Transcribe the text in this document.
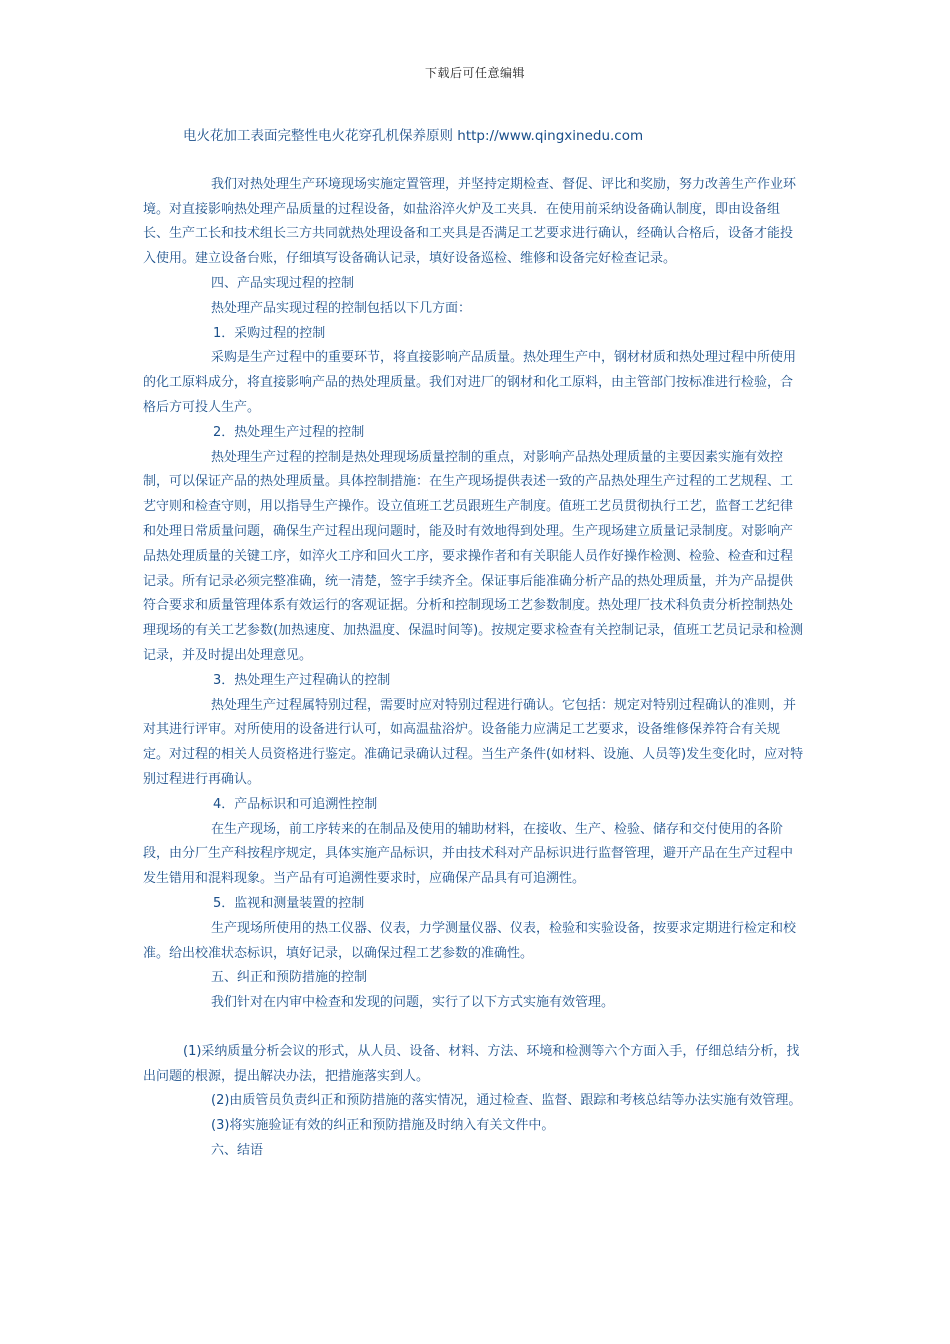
下载后可任意编辑

电火花加工表面完整性电火花穿孔机保养原则 http://www.qingxinedu.com

我们对热处理生产环境现场实施定置管理，并坚持定期检查、督促、评比和奖励，努力改善生产作业环境。对直接影响热处理产品质量的过程设备，如盐浴淬火炉及工夹具．在使用前采纳设备确认制度，即由设备组长、生产工长和技术组长三方共同就热处理设备和工夹具是否满足工艺要求进行确认，经确认合格后，设备才能投入使用。建立设备台账，仔细填写设备确认记录，填好设备巡检、维修和设备完好检查记录。

四、产品实现过程的控制

热处理产品实现过程的控制包括以下几方面：

1．采购过程的控制

采购是生产过程中的重要环节，将直接影响产品质量。热处理生产中，钢材材质和热处理过程中所使用的化工原料成分，将直接影响产品的热处理质量。我们对进厂的钢材和化工原料，由主管部门按标准进行检验，合格后方可投人生产。

2．热处理生产过程的控制

热处理生产过程的控制是热处理现场质量控制的重点，对影响产品热处理质量的主要因素实施有效控制，可以保证产品的热处理质量。具体控制措施：在生产现场提供表述一致的产品热处理生产过程的工艺规程、工艺守则和检查守则，用以指导生产操作。设立值班工艺员跟班生产制度。值班工艺员贯彻执行工艺，监督工艺纪律和处理日常质量问题，确保生产过程出现问题时，能及时有效地得到处理。生产现场建立质量记录制度。对影响产品热处理质量的关键工序，如淬火工序和回火工序，要求操作者和有关职能人员作好操作检测、检验、检查和过程记录。所有记录必须完整准确，统一清楚，签字手续齐全。保证事后能准确分析产品的热处理质量，并为产品提供符合要求和质量管理体系有效运行的客观证据。分析和控制现场工艺参数制度。热处理厂技术科负责分析控制热处理现场的有关工艺参数(加热速度、加热温度、保温时间等)。按规定要求检查有关控制记录，值班工艺员记录和检测记录，并及时提出处理意见。

3．热处理生产过程确认的控制

热处理生产过程属特别过程，需要时应对特别过程进行确认。它包括：规定对特别过程确认的准则，并对其进行评审。对所使用的设备进行认可，如高温盐浴炉。设备能力应满足工艺要求，设备维修保养符合有关规定。对过程的相关人员资格进行鉴定。准确记录确认过程。当生产条件(如材料、设施、人员等)发生变化时，应对特别过程进行再确认。

4．产品标识和可追溯性控制

在生产现场，前工序转来的在制品及使用的辅助材料，在接收、生产、检验、储存和交付使用的各阶段，由分厂生产科按程序规定，具体实施产品标识，并由技术科对产品标识进行监督管理，避开产品在生产过程中发生错用和混料现象。当产品有可追溯性要求时，应确保产品具有可追溯性。

5．监视和测量装置的控制

生产现场所使用的热工仪器、仪表，力学测量仪器、仪表，检验和实验设备，按要求定期进行检定和校准。给出校准状态标识，填好记录，以确保过程工艺参数的准确性。

五、纠正和预防措施的控制

我们针对在内审中检查和发现的问题，实行了以下方式实施有效管理。

(1)采纳质量分析会议的形式，从人员、设备、材料、方法、环境和检测等六个方面入手，仔细总结分析，找出问题的根源，提出解决办法，把措施落实到人。

(2)由质管员负责纠正和预防措施的落实情况，通过检查、监督、跟踪和考核总结等办法实施有效管理。

(3)将实施验证有效的纠正和预防措施及时纳入有关文件中。

六、结语
